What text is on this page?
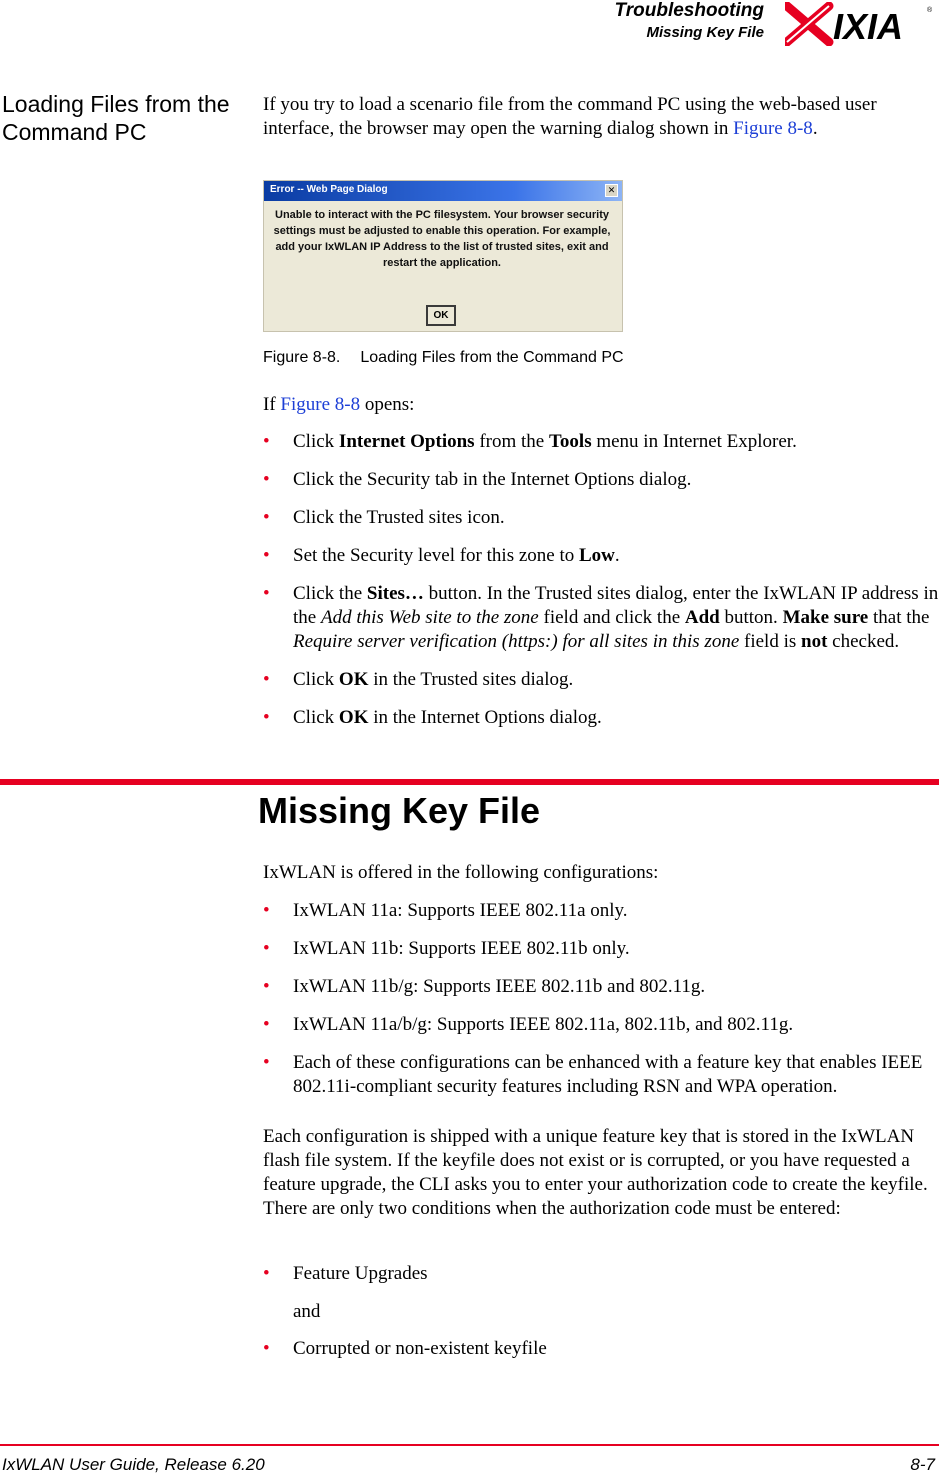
Troubleshooting
Missing Key File IXIA	®
Loading Files from the Command PC

If you try to load a scenario file from the command PC using the web-based user interface, the browser may open the warning dialog shown in Figure 8-8.

Error -- Web Page Dialog	✕
Unable to interact with the PC filesystem. Your browser security settings must be adjusted to enable this operation. For example, add your IxWLAN IP Address to the list of trusted sites, exit and restart the application.
OK
Figure 8-8. Loading Files from the Command PC

If Figure 8-8 opens:

• Click Internet Options from the Tools menu in Internet Explorer.
• Click the Security tab in the Internet Options dialog.
• Click the Trusted sites icon.
• Set the Security level for this zone to Low.
• Click the Sites… button. In the Trusted sites dialog, enter the IxWLAN IP address in the Add this Web site to the zone field and click the Add button. Make sure that the Require server verification (https:) for all sites in this zone field is not checked.
• Click OK in the Trusted sites dialog.
• Click OK in the Internet Options dialog.
Missing Key File

IxWLAN is offered in the following configurations:

• IxWLAN 11a: Supports IEEE 802.11a only.
• IxWLAN 11b: Supports IEEE 802.11b only.
• IxWLAN 11b/g: Supports IEEE 802.11b and 802.11g.
• IxWLAN 11a/b/g: Supports IEEE 802.11a, 802.11b, and 802.11g.
• Each of these configurations can be enhanced with a feature key that enables IEEE 802.11i-compliant security features including RSN and WPA operation.

Each configuration is shipped with a unique feature key that is stored in the IxWLAN flash file system. If the keyfile does not exist or is corrupted, or you have requested a feature upgrade, the CLI asks you to enter your authorization code to create the keyfile. There are only two conditions when the authorization code must be entered:

• Feature Upgrades

and

• Corrupted or non-existent keyfile
IxWLAN User Guide, Release 6.20	8-7
